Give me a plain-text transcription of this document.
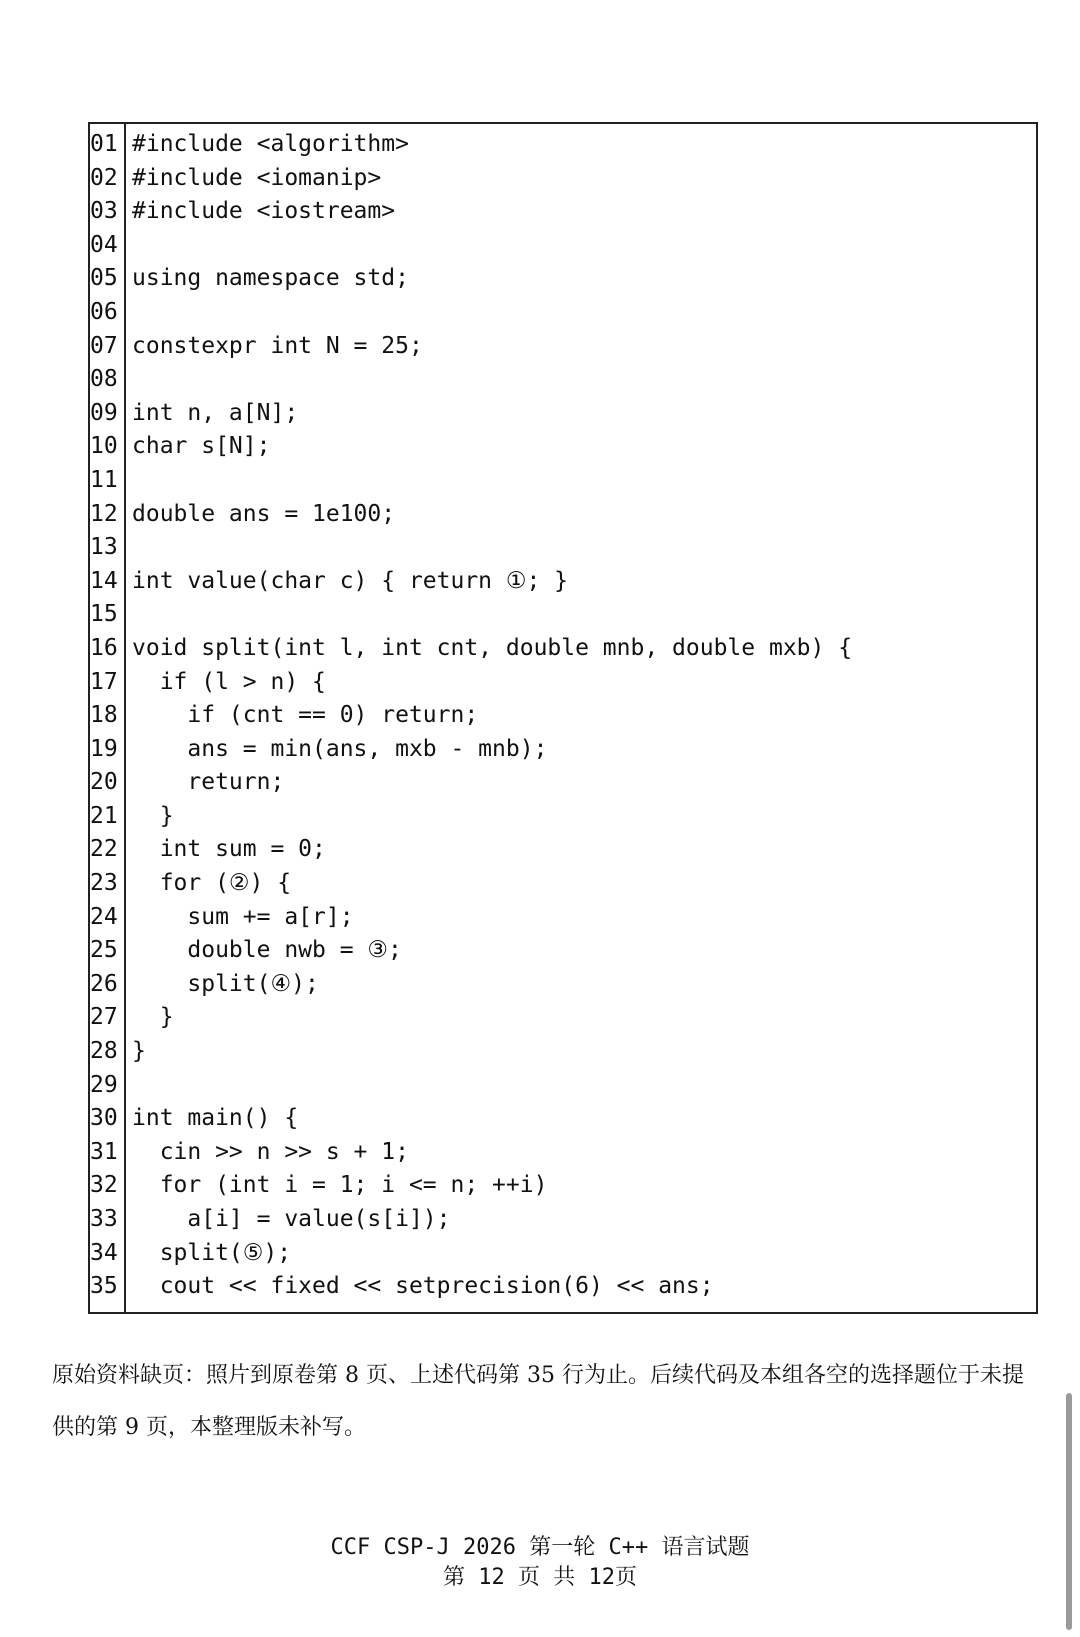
01 #include <algorithm>
02 #include <iomanip>
03 #include <iostream>
04
05 using namespace std;
06
07 constexpr int N = 25;
08
09 int n, a[N];
10 char s[N];
11
12 double ans = 1e100;
13
14 int value(char c) { return ①; }
15
16 void split(int l, int cnt, double mnb, double mxb) {
17 if (l > n) {
18 if (cnt == 0) return;
19 ans = min(ans, mxb - mnb);
20 return;
21 }
22 int sum = 0;
23 for (②) {
24 sum += a[r];
25 double nwb = ③;
26 split(④);
27 }
28 }
29
30 int main() {
31 cin >> n >> s + 1;
32 for (int i = 1; i <= n; ++i)
33 a[i] = value(s[i]);
34 split(⑤);
35 cout << fixed << setprecision(6) << ans;
原始资料缺页：照片到原卷第 8 页、上述代码第 35 行为止。后续代码及本组各空的选择题位于未提供的第 9 页，本整理版未补写。
CCF CSP-J 2026 第一轮 C++ 语言试题
第 12 页 共 12页
